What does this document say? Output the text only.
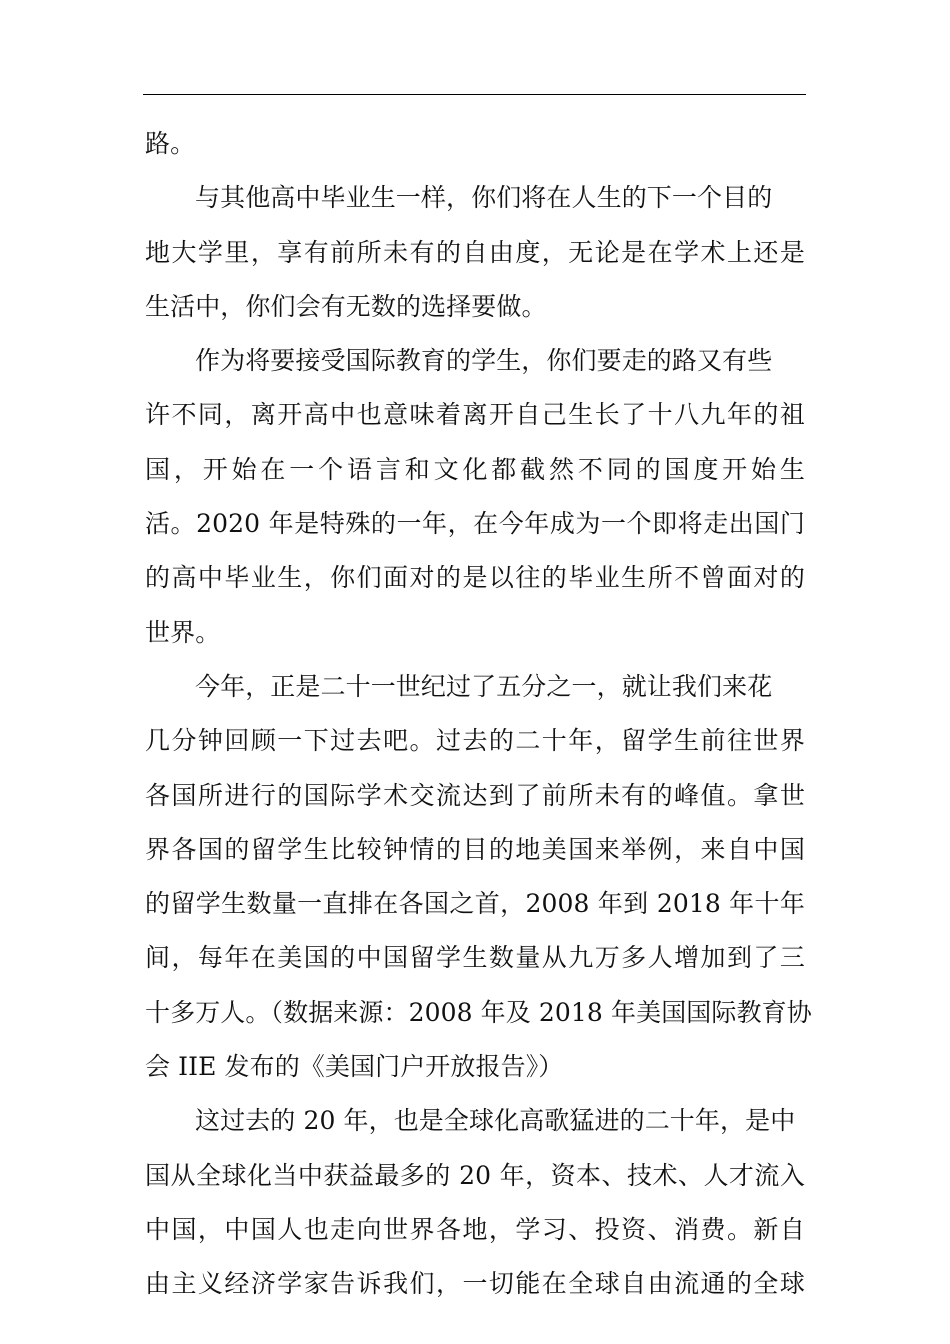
路。
与其他高中毕业生一样，你们将在人生的下一个目的
地大学里，享有前所未有的自由度，无论是在学术上还是
生活中，你们会有无数的选择要做。
作为将要接受国际教育的学生，你们要走的路又有些
许不同，离开高中也意味着离开自己生长了十八九年的祖
国，开始在一个语言和文化都截然不同的国度开始生
活。2020 年是特殊的一年，在今年成为一个即将走出国门
的高中毕业生，你们面对的是以往的毕业生所不曾面对的
世界。
今年，正是二十一世纪过了五分之一，就让我们来花
几分钟回顾一下过去吧。过去的二十年，留学生前往世界
各国所进行的国际学术交流达到了前所未有的峰值。拿世
界各国的留学生比较钟情的目的地美国来举例，来自中国
的留学生数量一直排在各国之首，2008 年到 2018 年十年
间，每年在美国的中国留学生数量从九万多人增加到了三
十多万人。（数据来源：2008 年及 2018 年美国国际教育协
会 IIE 发布的《美国门户开放报告》）
这过去的 20 年，也是全球化高歌猛进的二十年，是中
国从全球化当中获益最多的 20 年，资本、技术、人才流入
中国，中国人也走向世界各地，学习、投资、消费。新自
由主义经济学家告诉我们，一切能在全球自由流通的全球
